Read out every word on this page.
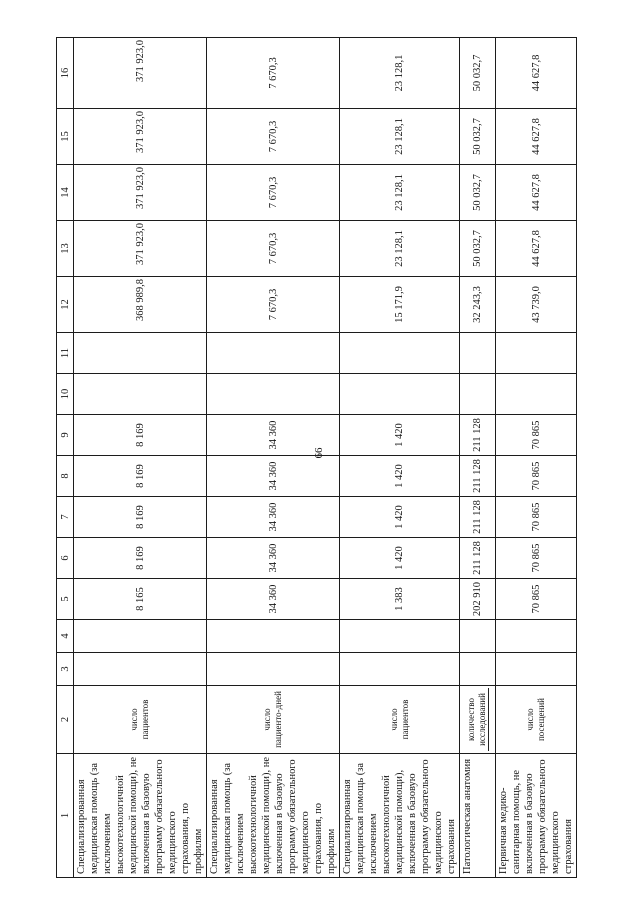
66
1	2	3	4	5	6	7	8	9	10	11	12	13	14	15	16
Специализированная медицинская помощь (за исключением высокотехнологичной медицинской помощи), не включенная в базовую программу обязательного медицинского страхования, по профилям	число пациентов			8 165	8 169	8 169	8 169	8 169			368 989,8	371 923,0	371 923,0	371 923,0	371 923,0
Специализированная медицинская помощь (за исключением высокотехнологичной медицинской помощи), не включенная в базовую программу обязательного медицинского страхования, по профилям	число пациенто-дней			34 360	34 360	34 360	34 360	34 360			7 670,3	7 670,3	7 670,3	7 670,3	7 670,3
Специализированная медицинская помощь (за исключением высокотехнологичной медицинской помощи), включенная в базовую программу обязательного медицинского страхования	число пациентов			1 383	1 420	1 420	1 420	1 420			15 171,9	23 128,1	23 128,1	23 128,1	23 128,1
Патологическая анатомия	количество исследований			202 910	211 128	211 128	211 128	211 128			32 243,3	50 032,7	50 032,7	50 032,7	50 032,7
Первичная медико-санитарная помощь, не включенная в базовую программу обязательного медицинского страхования	число посещений			70 865	70 865	70 865	70 865	70 865			43 739,0	44 627,8	44 627,8	44 627,8	44 627,8
